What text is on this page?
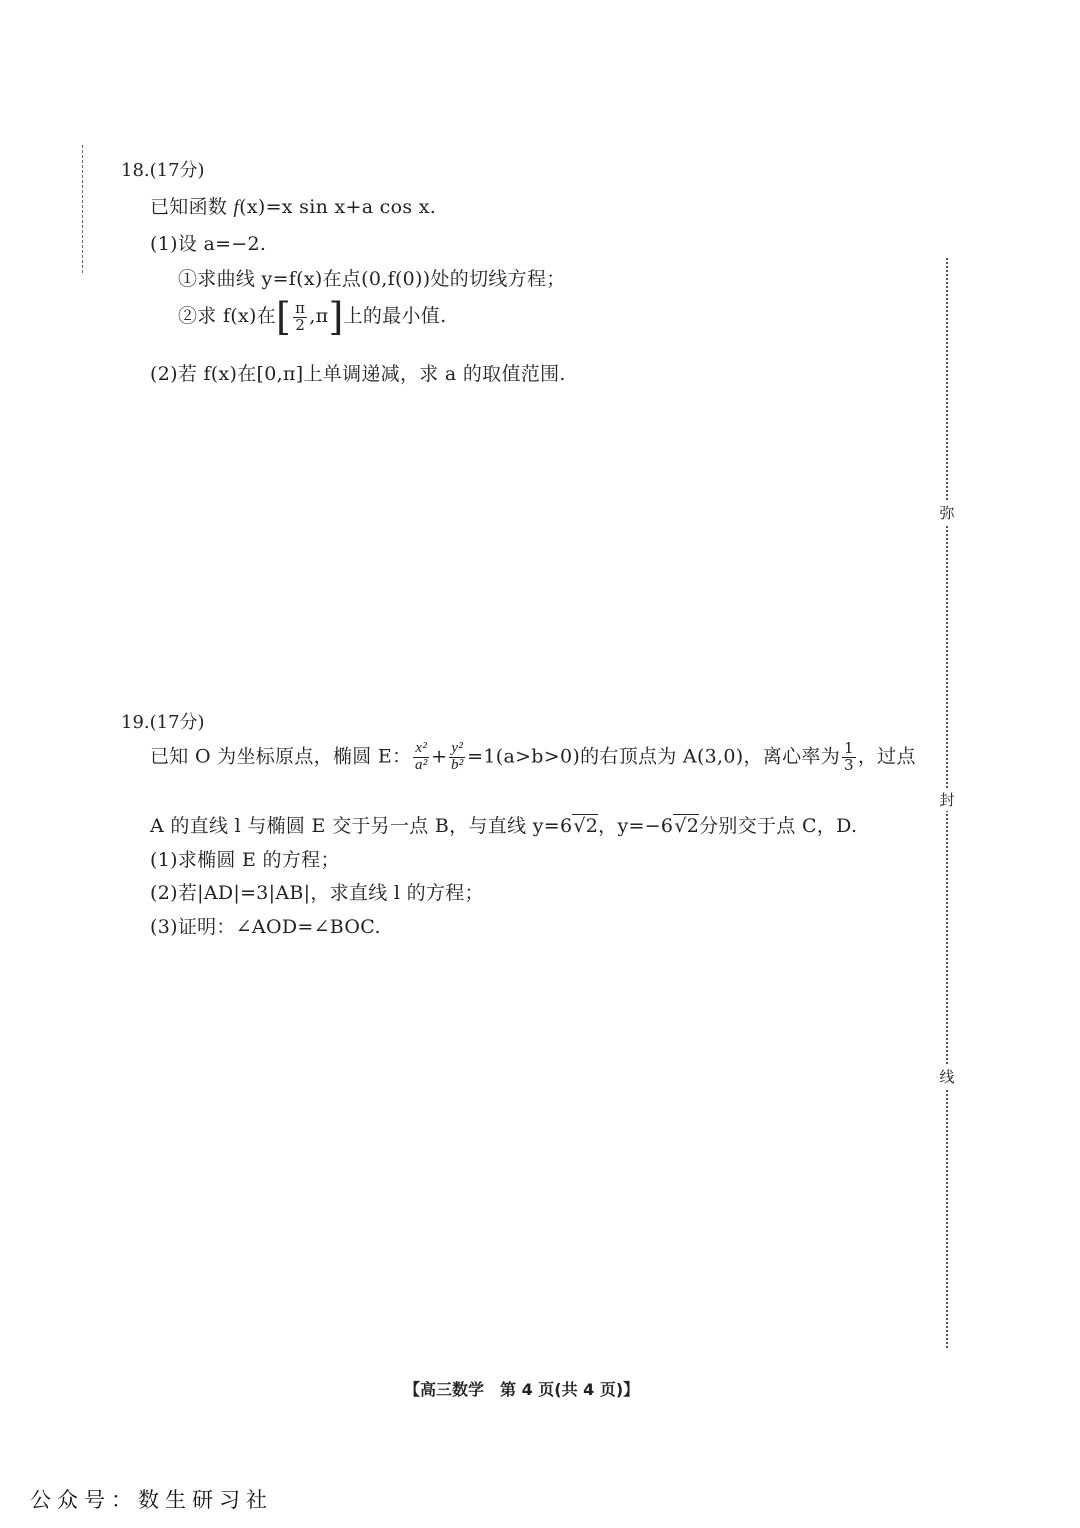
弥
封
线
18.(17分)
已知函数 f(x)=x sin x+a cos x.
(1)设 a=−2.
①求曲线 y=f(x)在点(0,f(0))处的切线方程；
②求 f(x)在[ $\frac{\pi}{2} ,\pi$]上的最小值.
(2)若 f(x)在[0,π]上单调递减，求 a 的取值范围.
19.(17分)
已知 O 为坐标原点，椭圆 E： $\frac{\text{x²}}{\text{a²}} + \frac{\text{y²}}{\text{b²}} =1(a>b>0)$的右顶点为 A(3,0)，离心率为 $\frac{1}{3}$ ，过点
A 的直线 l 与椭圆 E 交于另一点 B，与直线 y=6√2，y=−6√2分别交于点 C，D.
(1)求椭圆 E 的方程；
(2)若|AD|=3|AB|，求直线 l 的方程；
(3)证明：∠AOD=∠BOC.
【高三数学　第 4 页(共 4 页)】
公众号：数生研习社
